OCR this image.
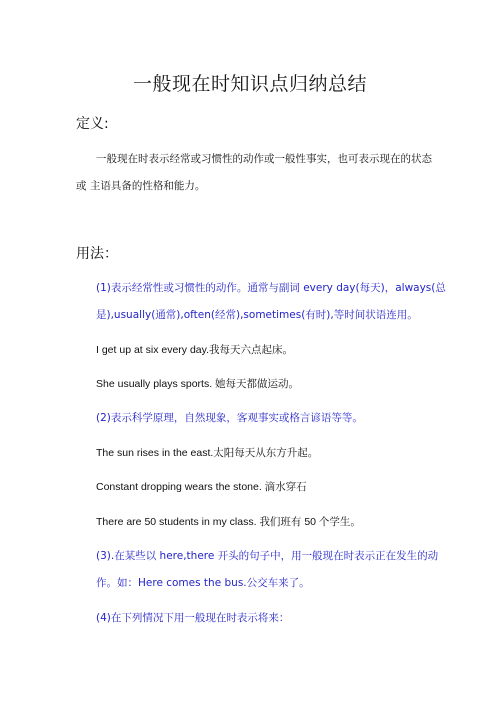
一般现在时知识点归纳总结
定义:
一般现在时表示经常或习惯性的动作或一般性事实，也可表示现在的状态
或 主语具备的性格和能力。
用法：
(1)表示经常性或习惯性的动作。通常与副词 every day(每天)，always(总
是),usually(通常),often(经常),sometimes(有时),等时间状语连用。
I get up at six every day.我每天六点起床。
She usually plays sports. 她每天都做运动。
(2)表示科学原理，自然现象，客观事实或格言谚语等等。
The sun rises in the east.太阳每天从东方升起。
Constant dropping wears the stone. 滴水穿石
There are 50 students in my class. 我们班有 50 个学生。
(3).在某些以 here,there 开头的句子中，用一般现在时表示正在发生的动
作。如：Here comes the bus.公交车来了。
(4)在下列情况下用一般现在时表示将来：
